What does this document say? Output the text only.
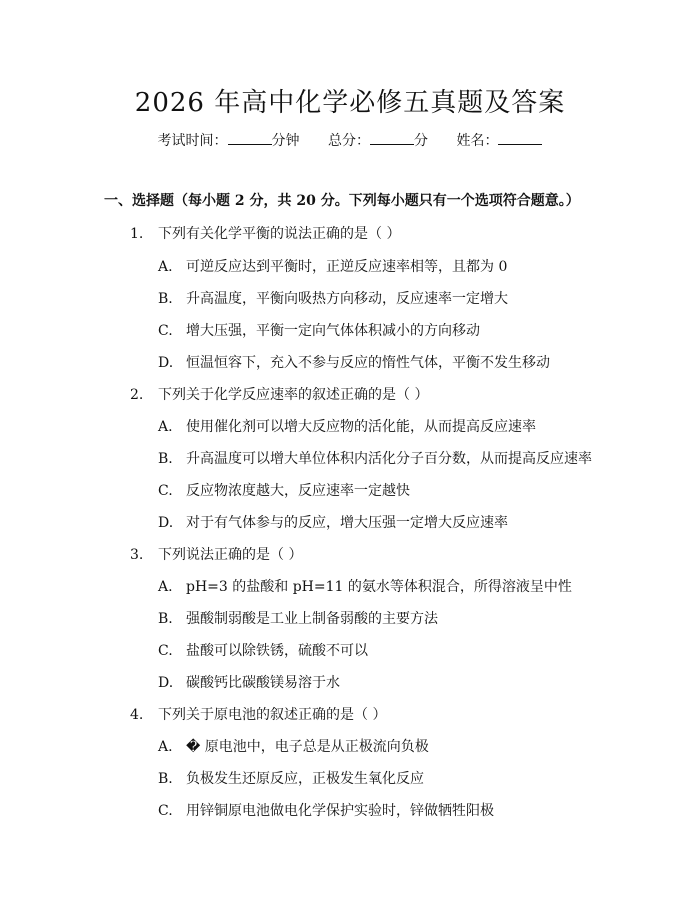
2026 年高中化学必修五真题及答案
考试时间：	分钟 总分：	分 姓名：
一、选择题（每小题 2 分，共 20 分。下列每小题只有一个选项符合题意。）
1. 下列有关化学平衡的说法正确的是（ ）
A. 可逆反应达到平衡时，正逆反应速率相等，且都为 0
B. 升高温度，平衡向吸热方向移动，反应速率一定增大
C. 增大压强，平衡一定向气体体积减小的方向移动
D. 恒温恒容下，充入不参与反应的惰性气体，平衡不发生移动
2. 下列关于化学反应速率的叙述正确的是（ ）
A. 使用催化剂可以增大反应物的活化能，从而提高反应速率
B. 升高温度可以增大单位体积内活化分子百分数，从而提高反应速率
C. 反应物浓度越大，反应速率一定越快
D. 对于有气体参与的反应，增大压强一定增大反应速率
3. 下列说法正确的是（ ）
A. pH=3 的盐酸和 pH=11 的氨水等体积混合，所得溶液呈中性
B. 强酸制弱酸是工业上制备弱酸的主要方法
C. 盐酸可以除铁锈，硫酸不可以
D. 碳酸钙比碳酸镁易溶于水
4. 下列关于原电池的叙述正确的是（ ）
A. � 原电池中，电子总是从正极流向负极
B. 负极发生还原反应，正极发生氧化反应
C. 用锌铜原电池做电化学保护实验时，锌做牺牲阳极
